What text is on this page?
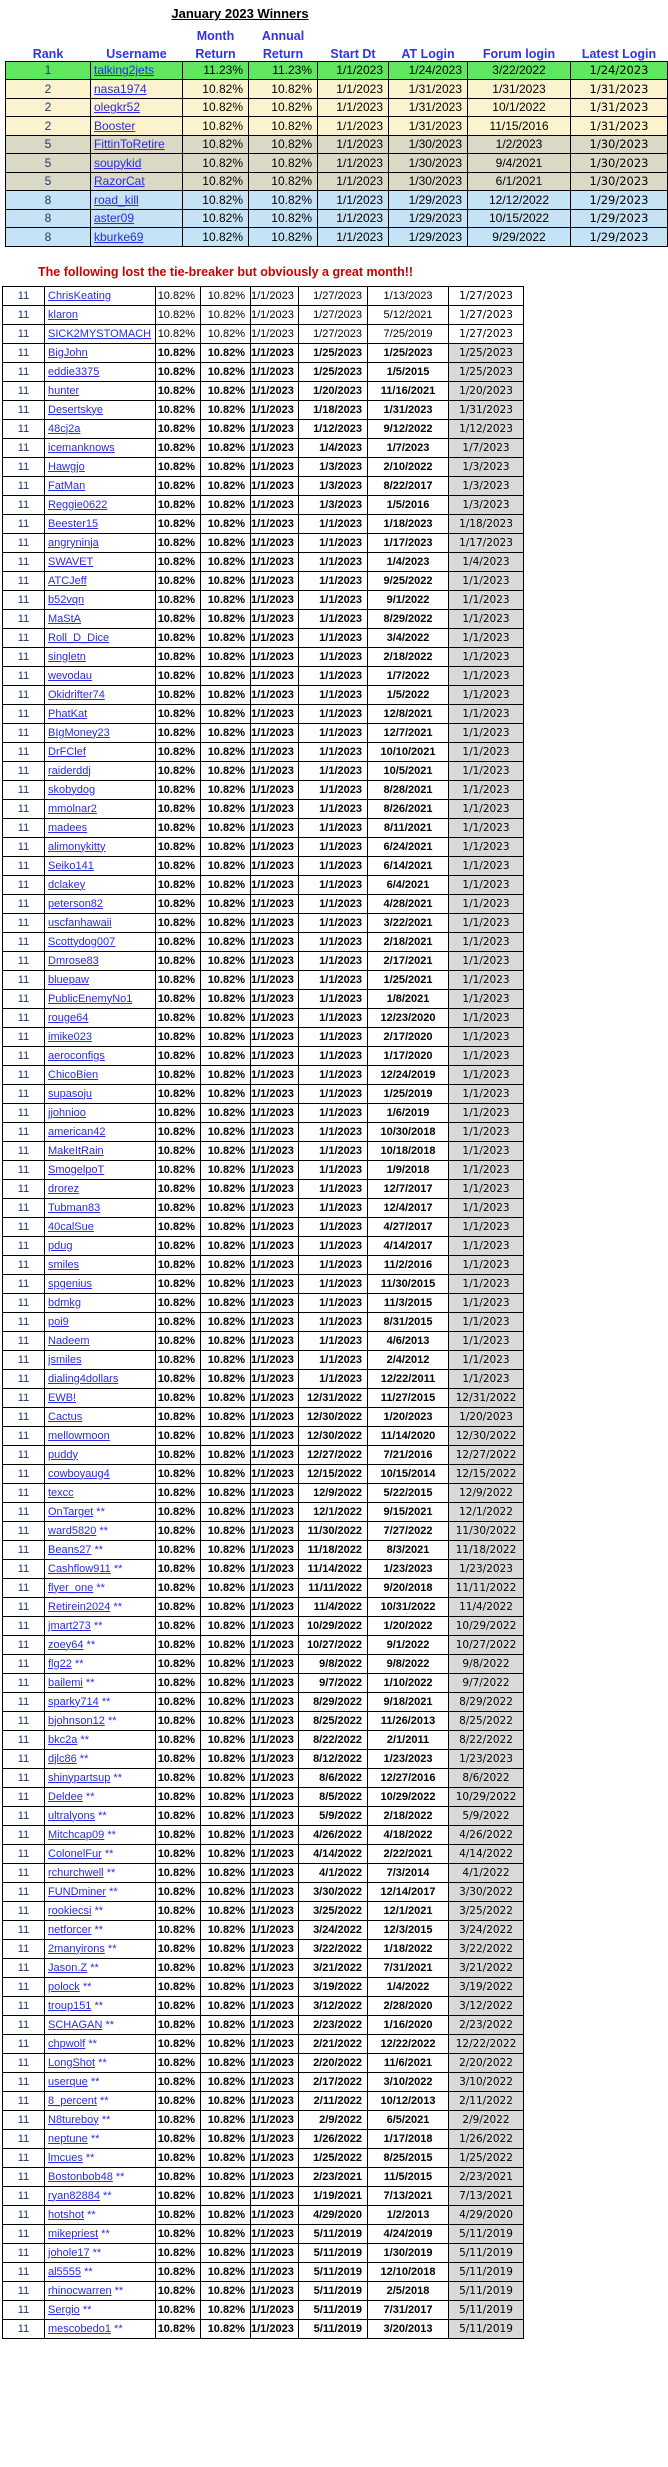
January 2023 Winners
		Month	Annual				
Rank	Username	Return	Return	Start Dt	AT Login	Forum login	Latest Login
1	talking2jets	11.23%	11.23%	1/1/2023	1/24/2023	3/22/2022	1/24/2023
2	nasa1974	10.82%	10.82%	1/1/2023	1/31/2023	1/31/2023	1/31/2023
2	olegkr52	10.82%	10.82%	1/1/2023	1/31/2023	10/1/2022	1/31/2023
2	Booster	10.82%	10.82%	1/1/2023	1/31/2023	11/15/2016	1/31/2023
5	FittinToRetire	10.82%	10.82%	1/1/2023	1/30/2023	1/2/2023	1/30/2023
5	soupykid	10.82%	10.82%	1/1/2023	1/30/2023	9/4/2021	1/30/2023
5	RazorCat	10.82%	10.82%	1/1/2023	1/30/2023	6/1/2021	1/30/2023
8	road_kill	10.82%	10.82%	1/1/2023	1/29/2023	12/12/2022	1/29/2023
8	aster09	10.82%	10.82%	1/1/2023	1/29/2023	10/15/2022	1/29/2023
8	kburke69	10.82%	10.82%	1/1/2023	1/29/2023	9/29/2022	1/29/2023
The following lost the tie-breaker but obviously a great month!!
11	ChrisKeating	10.82%	10.82%	1/1/2023	1/27/2023	1/13/2023	1/27/2023
11	klaron	10.82%	10.82%	1/1/2023	1/27/2023	5/12/2021	1/27/2023
11	SICK2MYSTOMACH	10.82%	10.82%	1/1/2023	1/27/2023	7/25/2019	1/27/2023
11	BigJohn	10.82%	10.82%	1/1/2023	1/25/2023	1/25/2023	1/25/2023
11	eddie3375	10.82%	10.82%	1/1/2023	1/25/2023	1/5/2015	1/25/2023
11	hunter	10.82%	10.82%	1/1/2023	1/20/2023	11/16/2021	1/20/2023
11	Desertskye	10.82%	10.82%	1/1/2023	1/18/2023	1/31/2023	1/31/2023
11	48cj2a	10.82%	10.82%	1/1/2023	1/12/2023	9/12/2022	1/12/2023
11	icemanknows	10.82%	10.82%	1/1/2023	1/4/2023	1/7/2023	1/7/2023
11	Hawgjo	10.82%	10.82%	1/1/2023	1/3/2023	2/10/2022	1/3/2023
11	FatMan	10.82%	10.82%	1/1/2023	1/3/2023	8/22/2017	1/3/2023
11	Reggie0622	10.82%	10.82%	1/1/2023	1/3/2023	1/5/2016	1/3/2023
11	Beester15	10.82%	10.82%	1/1/2023	1/1/2023	1/18/2023	1/18/2023
11	angryninja	10.82%	10.82%	1/1/2023	1/1/2023	1/17/2023	1/17/2023
11	SWAVET	10.82%	10.82%	1/1/2023	1/1/2023	1/4/2023	1/4/2023
11	ATCJeff	10.82%	10.82%	1/1/2023	1/1/2023	9/25/2022	1/1/2023
11	b52vqn	10.82%	10.82%	1/1/2023	1/1/2023	9/1/2022	1/1/2023
11	MaStA	10.82%	10.82%	1/1/2023	1/1/2023	8/29/2022	1/1/2023
11	Roll_D_Dice	10.82%	10.82%	1/1/2023	1/1/2023	3/4/2022	1/1/2023
11	singletn	10.82%	10.82%	1/1/2023	1/1/2023	2/18/2022	1/1/2023
11	wevodau	10.82%	10.82%	1/1/2023	1/1/2023	1/7/2022	1/1/2023
11	Okidrifter74	10.82%	10.82%	1/1/2023	1/1/2023	1/5/2022	1/1/2023
11	PhatKat	10.82%	10.82%	1/1/2023	1/1/2023	12/8/2021	1/1/2023
11	BIgMoney23	10.82%	10.82%	1/1/2023	1/1/2023	12/7/2021	1/1/2023
11	DrFClef	10.82%	10.82%	1/1/2023	1/1/2023	10/10/2021	1/1/2023
11	raiderddj	10.82%	10.82%	1/1/2023	1/1/2023	10/5/2021	1/1/2023
11	skobydog	10.82%	10.82%	1/1/2023	1/1/2023	8/28/2021	1/1/2023
11	mmolnar2	10.82%	10.82%	1/1/2023	1/1/2023	8/26/2021	1/1/2023
11	madees	10.82%	10.82%	1/1/2023	1/1/2023	8/11/2021	1/1/2023
11	alimonykitty	10.82%	10.82%	1/1/2023	1/1/2023	6/24/2021	1/1/2023
11	Seiko141	10.82%	10.82%	1/1/2023	1/1/2023	6/14/2021	1/1/2023
11	dclakey	10.82%	10.82%	1/1/2023	1/1/2023	6/4/2021	1/1/2023
11	peterson82	10.82%	10.82%	1/1/2023	1/1/2023	4/28/2021	1/1/2023
11	uscfanhawaii	10.82%	10.82%	1/1/2023	1/1/2023	3/22/2021	1/1/2023
11	Scottydog007	10.82%	10.82%	1/1/2023	1/1/2023	2/18/2021	1/1/2023
11	Dmrose83	10.82%	10.82%	1/1/2023	1/1/2023	2/17/2021	1/1/2023
11	bluepaw	10.82%	10.82%	1/1/2023	1/1/2023	1/25/2021	1/1/2023
11	PublicEnemyNo1	10.82%	10.82%	1/1/2023	1/1/2023	1/8/2021	1/1/2023
11	rouge64	10.82%	10.82%	1/1/2023	1/1/2023	12/23/2020	1/1/2023
11	imike023	10.82%	10.82%	1/1/2023	1/1/2023	2/17/2020	1/1/2023
11	aeroconfigs	10.82%	10.82%	1/1/2023	1/1/2023	1/17/2020	1/1/2023
11	ChicoBien	10.82%	10.82%	1/1/2023	1/1/2023	12/24/2019	1/1/2023
11	supasoju	10.82%	10.82%	1/1/2023	1/1/2023	1/25/2019	1/1/2023
11	jjohnioo	10.82%	10.82%	1/1/2023	1/1/2023	1/6/2019	1/1/2023
11	american42	10.82%	10.82%	1/1/2023	1/1/2023	10/30/2018	1/1/2023
11	MakeItRain	10.82%	10.82%	1/1/2023	1/1/2023	10/18/2018	1/1/2023
11	SmogelpoT	10.82%	10.82%	1/1/2023	1/1/2023	1/9/2018	1/1/2023
11	drorez	10.82%	10.82%	1/1/2023	1/1/2023	12/7/2017	1/1/2023
11	Tubman83	10.82%	10.82%	1/1/2023	1/1/2023	12/4/2017	1/1/2023
11	40calSue	10.82%	10.82%	1/1/2023	1/1/2023	4/27/2017	1/1/2023
11	pdug	10.82%	10.82%	1/1/2023	1/1/2023	4/14/2017	1/1/2023
11	smiles	10.82%	10.82%	1/1/2023	1/1/2023	11/2/2016	1/1/2023
11	spgenius	10.82%	10.82%	1/1/2023	1/1/2023	11/30/2015	1/1/2023
11	bdmkg	10.82%	10.82%	1/1/2023	1/1/2023	11/3/2015	1/1/2023
11	poi9	10.82%	10.82%	1/1/2023	1/1/2023	8/31/2015	1/1/2023
11	Nadeem	10.82%	10.82%	1/1/2023	1/1/2023	4/6/2013	1/1/2023
11	jsmiles	10.82%	10.82%	1/1/2023	1/1/2023	2/4/2012	1/1/2023
11	dialing4dollars	10.82%	10.82%	1/1/2023	1/1/2023	12/22/2011	1/1/2023
11	EWB!	10.82%	10.82%	1/1/2023	12/31/2022	11/27/2015	12/31/2022
11	Cactus	10.82%	10.82%	1/1/2023	12/30/2022	1/20/2023	1/20/2023
11	mellowmoon	10.82%	10.82%	1/1/2023	12/30/2022	11/14/2020	12/30/2022
11	puddy	10.82%	10.82%	1/1/2023	12/27/2022	7/21/2016	12/27/2022
11	cowboyaug4	10.82%	10.82%	1/1/2023	12/15/2022	10/15/2014	12/15/2022
11	texcc	10.82%	10.82%	1/1/2023	12/9/2022	5/22/2015	12/9/2022
11	OnTarget **	10.82%	10.82%	1/1/2023	12/1/2022	9/15/2021	12/1/2022
11	ward5820 **	10.82%	10.82%	1/1/2023	11/30/2022	7/27/2022	11/30/2022
11	Beans27 **	10.82%	10.82%	1/1/2023	11/18/2022	8/3/2021	11/18/2022
11	Cashflow911 **	10.82%	10.82%	1/1/2023	11/14/2022	1/23/2023	1/23/2023
11	flyer_one **	10.82%	10.82%	1/1/2023	11/11/2022	9/20/2018	11/11/2022
11	Retirein2024 **	10.82%	10.82%	1/1/2023	11/4/2022	10/31/2022	11/4/2022
11	jmart273 **	10.82%	10.82%	1/1/2023	10/29/2022	1/20/2022	10/29/2022
11	zoey64 **	10.82%	10.82%	1/1/2023	10/27/2022	9/1/2022	10/27/2022
11	flg22 **	10.82%	10.82%	1/1/2023	9/8/2022	9/8/2022	9/8/2022
11	bailemi **	10.82%	10.82%	1/1/2023	9/7/2022	1/10/2022	9/7/2022
11	sparky714 **	10.82%	10.82%	1/1/2023	8/29/2022	9/18/2021	8/29/2022
11	bjohnson12 **	10.82%	10.82%	1/1/2023	8/25/2022	11/26/2013	8/25/2022
11	bkc2a **	10.82%	10.82%	1/1/2023	8/22/2022	2/1/2011	8/22/2022
11	djlc86 **	10.82%	10.82%	1/1/2023	8/12/2022	1/23/2023	1/23/2023
11	shinypartsup **	10.82%	10.82%	1/1/2023	8/6/2022	12/27/2016	8/6/2022
11	Deldee **	10.82%	10.82%	1/1/2023	8/5/2022	10/29/2022	10/29/2022
11	ultralyons **	10.82%	10.82%	1/1/2023	5/9/2022	2/18/2022	5/9/2022
11	Mitchcap09 **	10.82%	10.82%	1/1/2023	4/26/2022	4/18/2022	4/26/2022
11	ColonelFur **	10.82%	10.82%	1/1/2023	4/14/2022	2/22/2021	4/14/2022
11	rchurchwell **	10.82%	10.82%	1/1/2023	4/1/2022	7/3/2014	4/1/2022
11	FUNDminer **	10.82%	10.82%	1/1/2023	3/30/2022	12/14/2017	3/30/2022
11	rookiecsi **	10.82%	10.82%	1/1/2023	3/25/2022	12/1/2021	3/25/2022
11	netforcer **	10.82%	10.82%	1/1/2023	3/24/2022	12/3/2015	3/24/2022
11	2manyirons **	10.82%	10.82%	1/1/2023	3/22/2022	1/18/2022	3/22/2022
11	Jason.Z **	10.82%	10.82%	1/1/2023	3/21/2022	7/31/2021	3/21/2022
11	polock **	10.82%	10.82%	1/1/2023	3/19/2022	1/4/2022	3/19/2022
11	troup151 **	10.82%	10.82%	1/1/2023	3/12/2022	2/28/2020	3/12/2022
11	SCHAGAN **	10.82%	10.82%	1/1/2023	2/23/2022	1/16/2020	2/23/2022
11	chpwolf **	10.82%	10.82%	1/1/2023	2/21/2022	12/22/2022	12/22/2022
11	LongShot **	10.82%	10.82%	1/1/2023	2/20/2022	11/6/2021	2/20/2022
11	userque **	10.82%	10.82%	1/1/2023	2/17/2022	3/10/2022	3/10/2022
11	8_percent **	10.82%	10.82%	1/1/2023	2/11/2022	10/12/2013	2/11/2022
11	N8tureboy **	10.82%	10.82%	1/1/2023	2/9/2022	6/5/2021	2/9/2022
11	neptune **	10.82%	10.82%	1/1/2023	1/26/2022	1/17/2018	1/26/2022
11	lmcues **	10.82%	10.82%	1/1/2023	1/25/2022	8/25/2015	1/25/2022
11	Bostonbob48 **	10.82%	10.82%	1/1/2023	2/23/2021	11/5/2015	2/23/2021
11	ryan82884 **	10.82%	10.82%	1/1/2023	1/19/2021	7/13/2021	7/13/2021
11	hotshot **	10.82%	10.82%	1/1/2023	4/29/2020	1/2/2013	4/29/2020
11	mikepriest **	10.82%	10.82%	1/1/2023	5/11/2019	4/24/2019	5/11/2019
11	johole17 **	10.82%	10.82%	1/1/2023	5/11/2019	1/30/2019	5/11/2019
11	al5555 **	10.82%	10.82%	1/1/2023	5/11/2019	12/10/2018	5/11/2019
11	rhinocwarren **	10.82%	10.82%	1/1/2023	5/11/2019	2/5/2018	5/11/2019
11	Sergio **	10.82%	10.82%	1/1/2023	5/11/2019	7/31/2017	5/11/2019
11	mescobedo1 **	10.82%	10.82%	1/1/2023	5/11/2019	3/20/2013	5/11/2019
